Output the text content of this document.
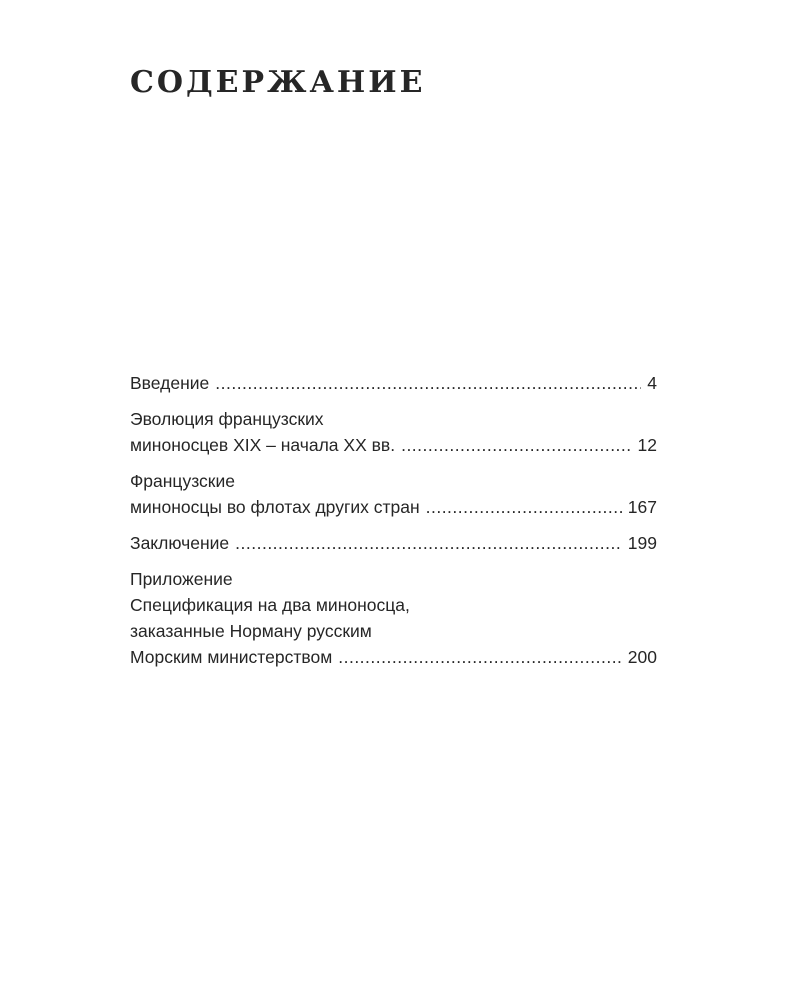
СОДЕРЖАНИЕ
Введение .....	4
Эволюция французских
миноносцев XIX – начала XX вв. .....	12
Французские
миноносцы во флотах других стран .....	167
Заключение .....	199
Приложение
Спецификация на два миноносца,
заказанные Норману русским
Морским министерством .....	200
